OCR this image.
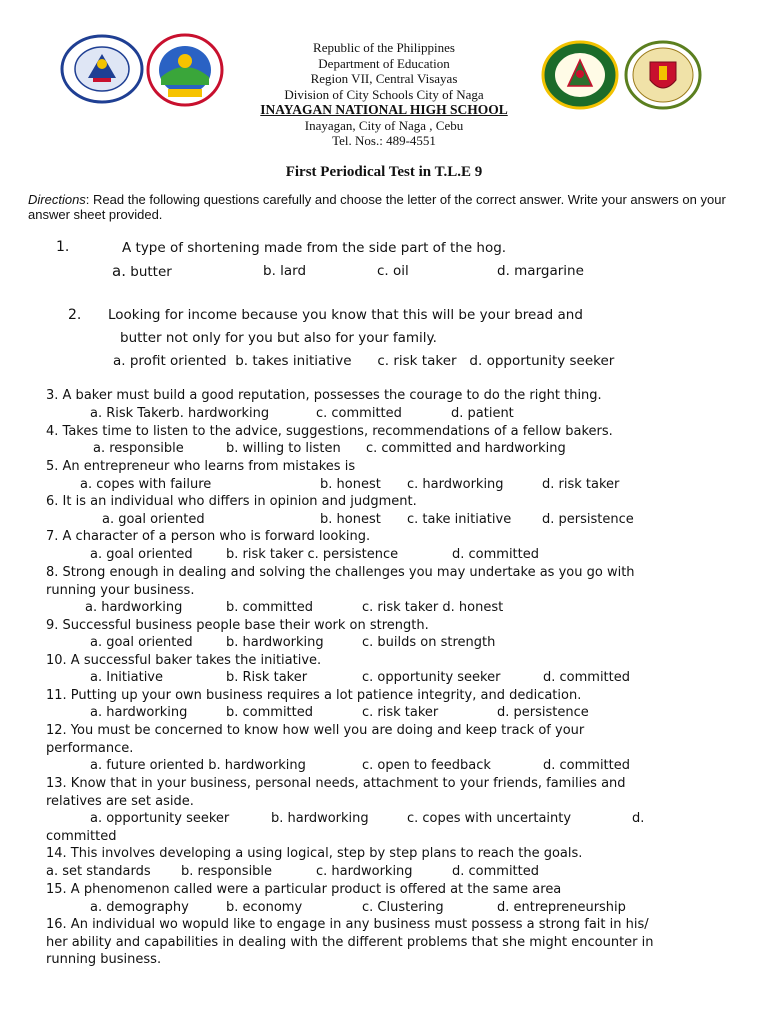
Republic of the Philippines
Department of Education
Region VII, Central Visayas
Division of City Schools City of Naga
INAYAGAN NATIONAL HIGH SCHOOL
Inayagan, City of Naga , Cebu
Tel. Nos.: 489-4551
First Periodical Test in T.L.E 9
Directions: Read the following questions carefully and choose the letter of the correct answer. Write your answers on your answer sheet provided.
1.	A type of shortening made from the side part of the hog.
a. butter	b. lard	c. oil	d. margarine
2. Looking for income because you know that this will be your bread and
butter not only for you but also for your family.
a. profit oriented  b. takes initiative      c. risk taker   d. opportunity seeker
3. A baker must build a good reputation, possesses the courage to do the right thing.
a. Risk Takerb. hardworking	c. committed	d. patient
4. Takes time to listen to the advice, suggestions, recommendations of a fellow bakers.
a. responsible	b. willing to listen c. committed and hardworking
5. An entrepreneur who learns from mistakes is
a. copes with failure	b. honest c. hardworking	d. risk taker
6. It is an individual who differs in opinion and judgment.
a. goal oriented	b. honest c. take initiative d. persistence
7. A character of a person who is forward looking.
a. goal oriented	b. risk taker c. persistence	d. committed
8. Strong enough in dealing and solving the challenges you may undertake as you go with
running your business.
a. hardworking	b. committed	c. risk taker d. honest
9. Successful business people base their work on strength.
a. goal oriented	b. hardworking	c. builds on strength
10. A successful baker takes the initiative.
a. Initiative	b. Risk taker	c. opportunity seeker	d. committed
11. Putting up your own business requires a lot patience integrity, and dedication.
a. hardworking	b. committed	c. risk taker	d. persistence
12. You must be concerned to know how well you are doing and keep track of your
performance.
a. future oriented b. hardworking	c. open to feedback	d. committed
13. Know that in your business, personal needs, attachment to your friends, families and
relatives are set aside.
a. opportunity seeker	b. hardworking	c. copes with uncertainty	d.
committed
14. This involves developing a using logical, step by step plans to reach the goals.
a. set standards b. responsible	c. hardworking	d. committed
15. A phenomenon called were a particular product is offered at the same area
a. demography	b. economy	c. Clustering	d. entrepreneurship
16. An individual wo wopuld like to engage in any business must possess a strong fait in his/
her ability and capabilities in dealing with the different problems that she might encounter in
running business.
